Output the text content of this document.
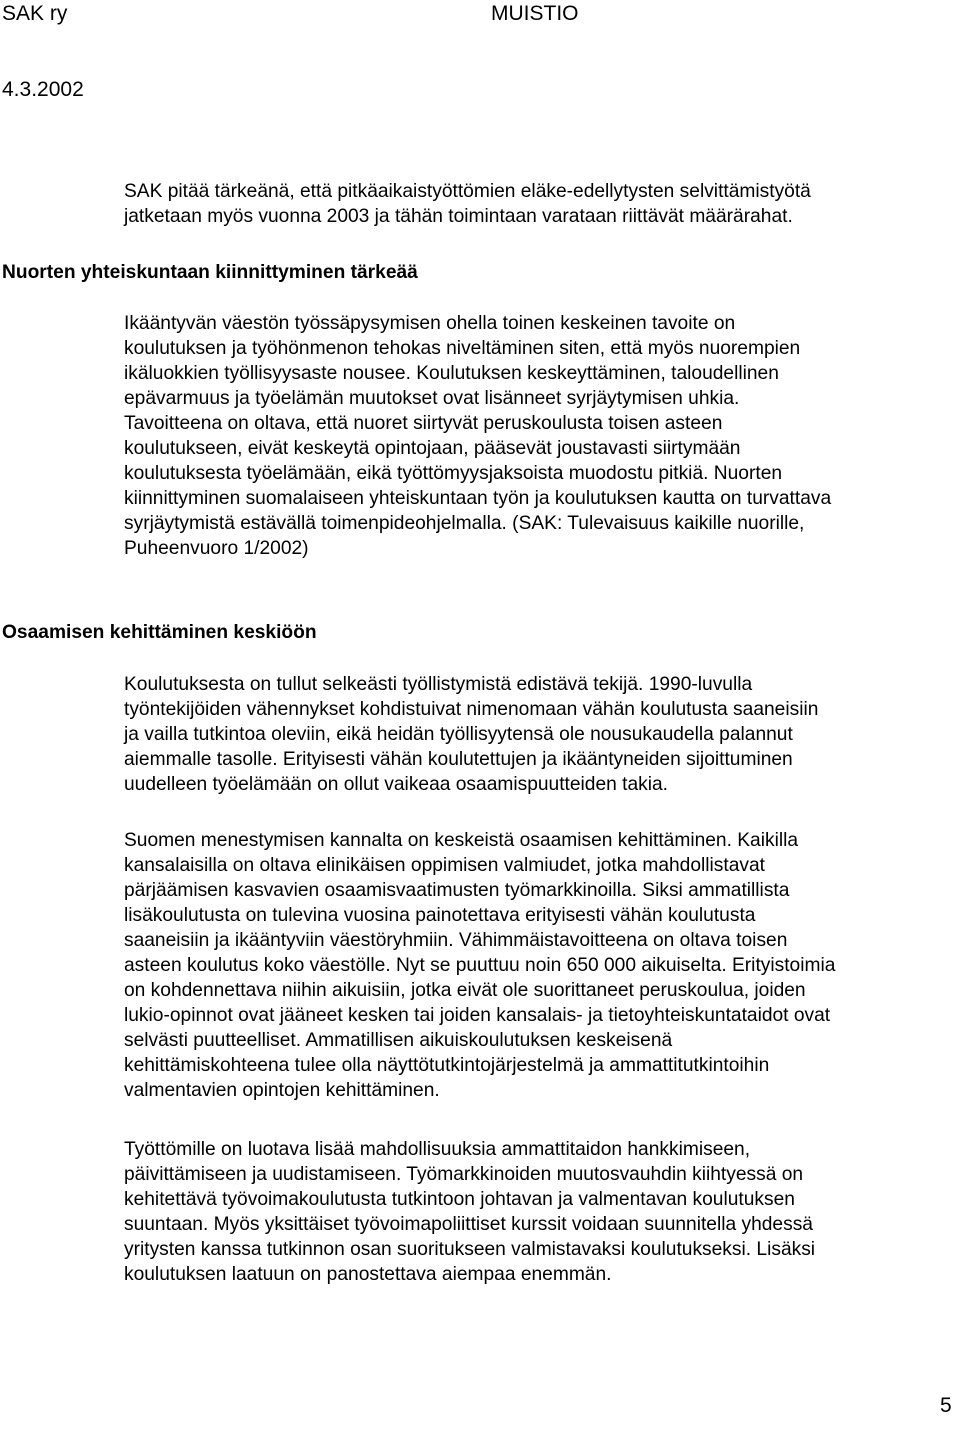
SAK ry	MUISTIO
4.3.2002

SAK pitää tärkeänä, että pitkäaikaistyöttömien eläke-edellytysten selvittämistyötä
jatketaan myös vuonna 2003 ja tähän toimintaan varataan riittävät määrärahat.

Nuorten yhteiskuntaan kiinnittyminen tärkeää

Ikääntyvän väestön työssäpysymisen ohella toinen keskeinen tavoite on
koulutuksen ja työhönmenon tehokas niveltäminen siten, että myös nuorempien
ikäluokkien työllisyysaste nousee. Koulutuksen keskeyttäminen, taloudellinen
epävarmuus ja työelämän muutokset ovat lisänneet syrjäytymisen uhkia.
Tavoitteena on oltava, että nuoret siirtyvät peruskoulusta toisen asteen
koulutukseen, eivät keskeytä opintojaan, pääsevät joustavasti siirtymään
koulutuksesta työelämään, eikä työttömyysjaksoista muodostu pitkiä. Nuorten
kiinnittyminen suomalaiseen yhteiskuntaan työn ja koulutuksen kautta on turvattava
syrjäytymistä estävällä toimenpideohjelmalla. (SAK: Tulevaisuus kaikille nuorille,
Puheenvuoro 1/2002)

Osaamisen kehittäminen keskiöön

Koulutuksesta on tullut selkeästi työllistymistä edistävä tekijä. 1990-luvulla
työntekijöiden vähennykset kohdistuivat nimenomaan vähän koulutusta saaneisiin
ja vailla tutkintoa oleviin, eikä heidän työllisyytensä ole nousukaudella palannut
aiemmalle tasolle. Erityisesti vähän koulutettujen ja ikääntyneiden sijoittuminen
uudelleen työelämään on ollut vaikeaa osaamispuutteiden takia.

Suomen menestymisen kannalta on keskeistä osaamisen kehittäminen. Kaikilla
kansalaisilla on oltava elinikäisen oppimisen valmiudet, jotka mahdollistavat
pärjäämisen kasvavien osaamisvaatimusten työmarkkinoilla. Siksi ammatillista
lisäkoulutusta on tulevina vuosina painotettava erityisesti vähän koulutusta
saaneisiin ja ikääntyviin väestöryhmiin. Vähimmäistavoitteena on oltava toisen
asteen koulutus koko väestölle. Nyt se puuttuu noin 650 000 aikuiselta. Erityistoimia
on kohdennettava niihin aikuisiin, jotka eivät ole suorittaneet peruskoulua, joiden
lukio-opinnot ovat jääneet kesken tai joiden kansalais- ja tietoyhteiskuntataidot ovat
selvästi puutteelliset. Ammatillisen aikuiskoulutuksen keskeisenä
kehittämiskohteena tulee olla näyttötutkintojärjestelmä ja ammattitutkintoihin
valmentavien opintojen kehittäminen.

Työttömille on luotava lisää mahdollisuuksia ammattitaidon hankkimiseen,
päivittämiseen ja uudistamiseen. Työmarkkinoiden muutosvauhdin kiihtyessä on
kehitettävä työvoimakoulutusta tutkintoon johtavan ja valmentavan koulutuksen
suuntaan. Myös yksittäiset työvoimapoliittiset kurssit voidaan suunnitella yhdessä
yritysten kanssa tutkinnon osan suoritukseen valmistavaksi koulutukseksi. Lisäksi
koulutuksen laatuun on panostettava aiempaa enemmän.

5
